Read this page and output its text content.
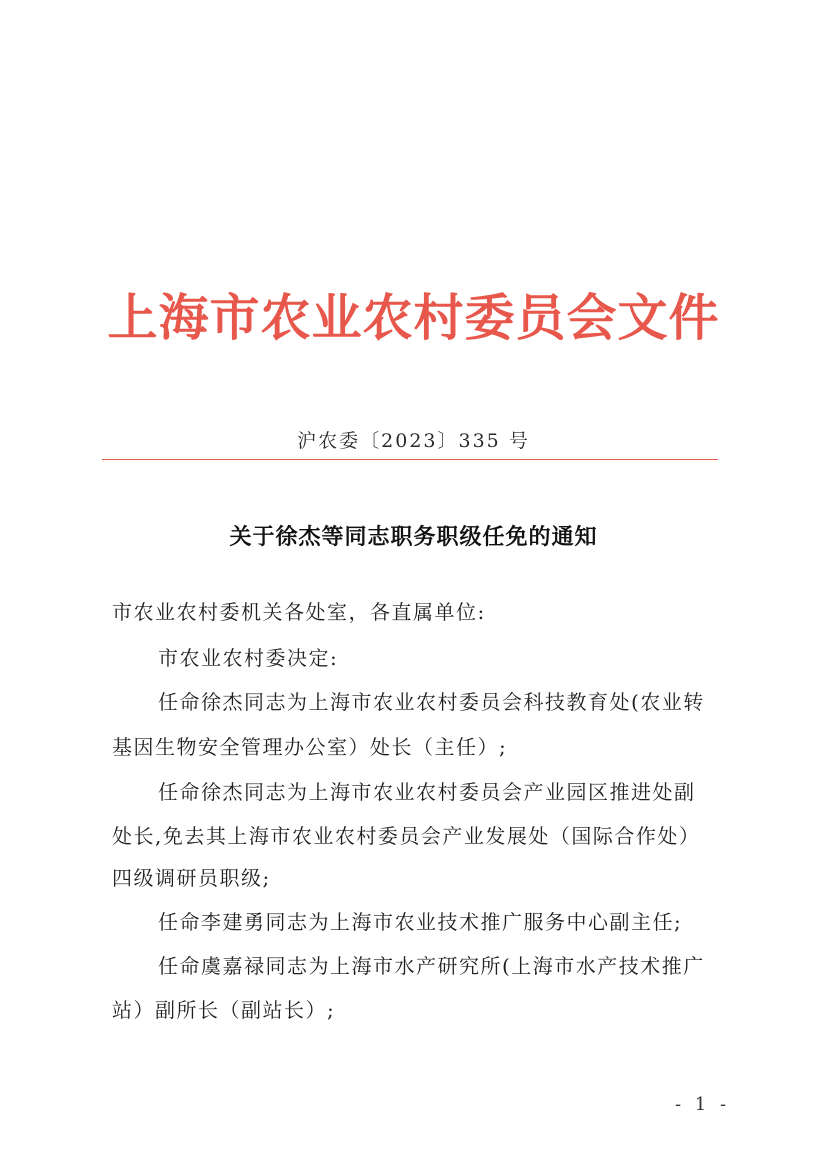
上海市农业农村委员会文件
沪农委〔2023〕335 号
关于徐杰等同志职务职级任免的通知
市农业农村委机关各处室，各直属单位:
市农业农村委决定:
任命徐杰同志为上海市农业农村委员会科技教育处(农业转
基因生物安全管理办公室）处长（主任）;
任命徐杰同志为上海市农业农村委员会产业园区推进处副
处长,免去其上海市农业农村委员会产业发展处（国际合作处）
四级调研员职级;
任命李建勇同志为上海市农业技术推广服务中心副主任;
任命虞嘉禄同志为上海市水产研究所(上海市水产技术推广
站）副所长（副站长）;
- 1 -
